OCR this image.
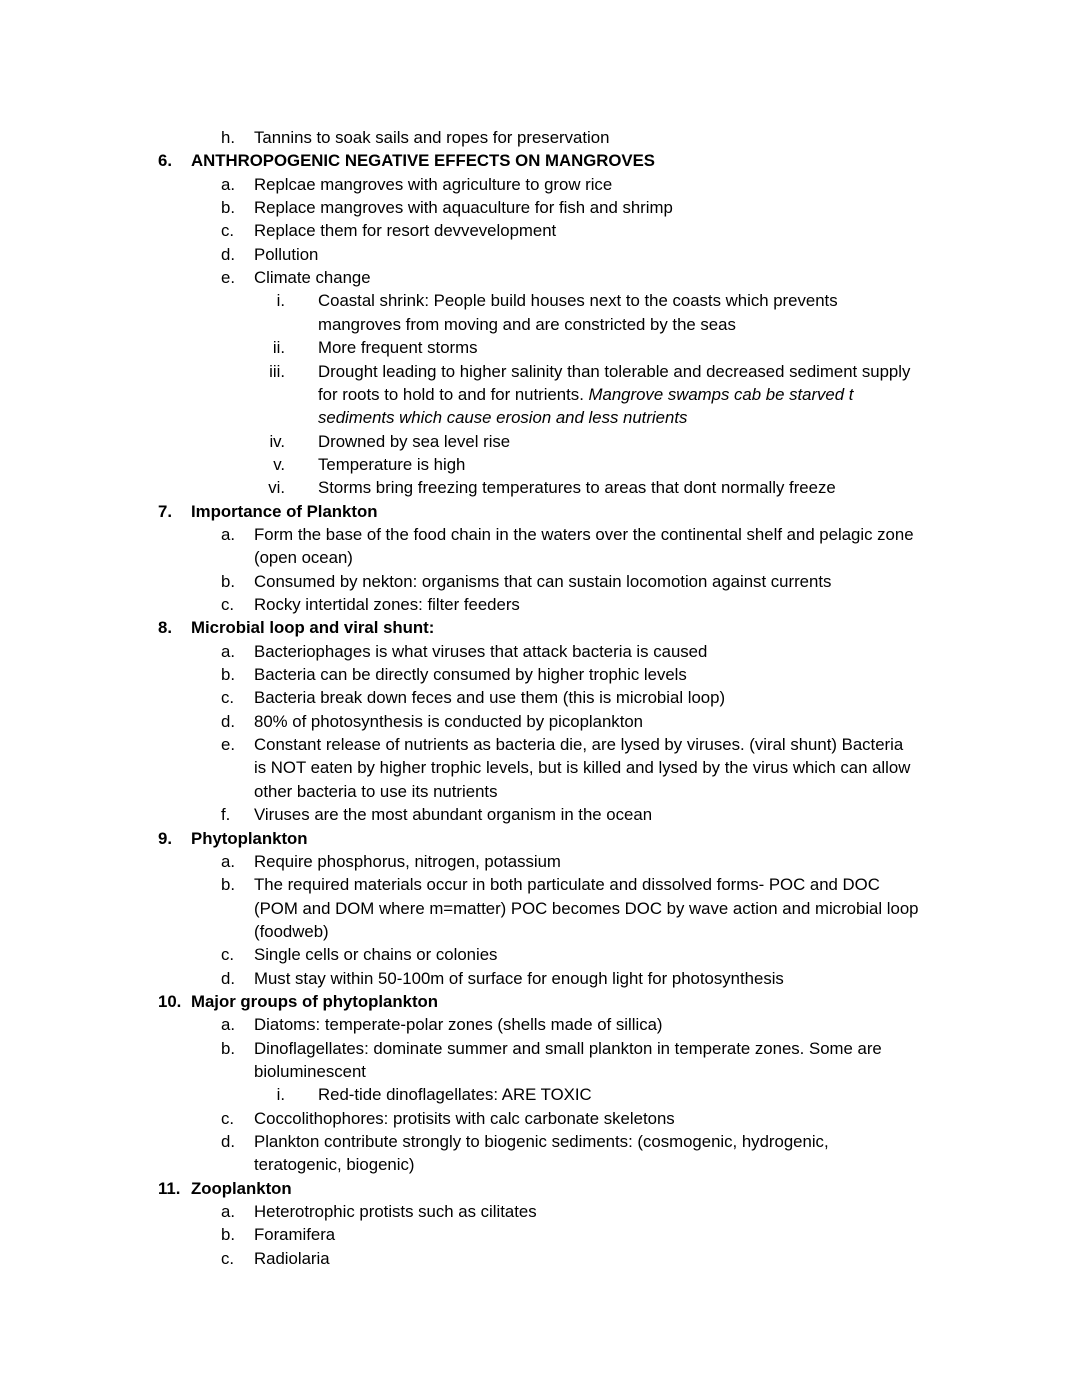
h. Tannins to soak sails and ropes for preservation
6. ANTHROPOGENIC NEGATIVE EFFECTS ON MANGROVES
a. Replcae mangroves with agriculture to grow rice
b. Replace mangroves with aquaculture for fish and shrimp
c. Replace them for resort devvevelopment
d. Pollution
e. Climate change
i. Coastal shrink: People build houses next to the coasts which prevents
mangroves from moving and are constricted by the seas
ii. More frequent storms
iii. Drought leading to higher salinity than tolerable and decreased sediment supply
for roots to hold to and for nutrients. Mangrove swamps cab be starved t
sediments which cause erosion and less nutrients
iv. Drowned by sea level rise
v. Temperature is high
vi. Storms bring freezing temperatures to areas that dont normally freeze
7. Importance of Plankton
a. Form the base of the food chain in the waters over the continental shelf and pelagic zone
(open ocean)
b. Consumed by nekton: organisms that can sustain locomotion against currents
c. Rocky intertidal zones: filter feeders
8. Microbial loop and viral shunt:
a. Bacteriophages is what viruses that attack bacteria is caused
b. Bacteria can be directly consumed by higher trophic levels
c. Bacteria break down feces and use them (this is microbial loop)
d. 80% of photosynthesis is conducted by picoplankton
e. Constant release of nutrients as bacteria die, are lysed by viruses. (viral shunt) Bacteria
is NOT eaten by higher trophic levels, but is killed and lysed by the virus which can allow
other bacteria to use its nutrients
f. Viruses are the most abundant organism in the ocean
9. Phytoplankton
a. Require phosphorus, nitrogen, potassium
b. The required materials occur in both particulate and dissolved forms- POC and DOC
(POM and DOM where m=matter) POC becomes DOC by wave action and microbial loop
(foodweb)
c. Single cells or chains or colonies
d. Must stay within 50-100m of surface for enough light for photosynthesis
10. Major groups of phytoplankton
a. Diatoms: temperate-polar zones (shells made of sillica)
b. Dinoflagellates: dominate summer and small plankton in temperate zones. Some are
bioluminescent
i. Red-tide dinoflagellates: ARE TOXIC
c. Coccolithophores: protisits with calc carbonate skeletons
d. Plankton contribute strongly to biogenic sediments: (cosmogenic, hydrogenic,
teratogenic, biogenic)
11. Zooplankton
a. Heterotrophic protists such as cilitates
b. Foramifera
c. Radiolaria
